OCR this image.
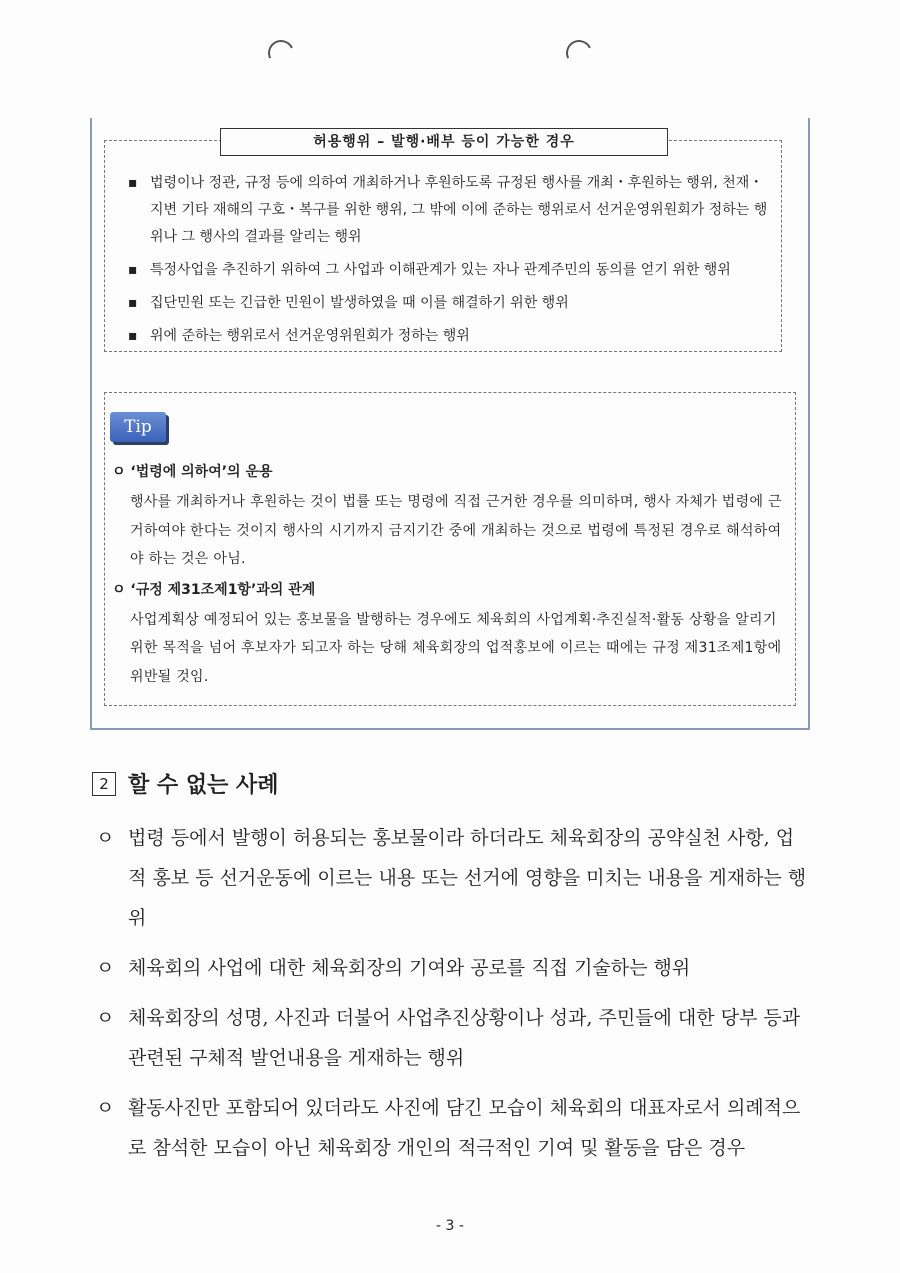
허용행위 – 발행·배부 등이 가능한 경우
▪ 법령이나 정관, 규정 등에 의하여 개최하거나 후원하도록 규정된 행사를 개최・후원하는 행위, 천재・지변 기타 재해의 구호・복구를 위한 행위, 그 밖에 이에 준하는 행위로서 선거운영위원회가 정하는 행위나 그 행사의 결과를 알리는 행위
▪ 특정사업을 추진하기 위하여 그 사업과 이해관계가 있는 자나 관계주민의 동의를 얻기 위한 행위
▪ 집단민원 또는 긴급한 민원이 발생하였을 때 이를 해결하기 위한 행위
▪ 위에 준하는 행위로서 선거운영위원회가 정하는 행위
Tip
ㅇ ‘법령에 의하여’의 운용
행사를 개최하거나 후원하는 것이 법률 또는 명령에 직접 근거한 경우를 의미하며, 행사 자체가 법령에 근거하여야 한다는 것이지 행사의 시기까지 금지기간 중에 개최하는 것으로 법령에 특정된 경우로 해석하여야 하는 것은 아님.
ㅇ ‘규정 제31조제1항’과의 관계
사업계획상 예정되어 있는 홍보물을 발행하는 경우에도 체육회의 사업계획·추진실적·활동 상황을 알리기 위한 목적을 넘어 후보자가 되고자 하는 당해 체육회장의 업적홍보에 이르는 때에는 규정 제31조제1항에 위반될 것임.
2 할 수 없는 사례
ㅇ 법령 등에서 발행이 허용되는 홍보물이라 하더라도 체육회장의 공약실천 사항, 업적 홍보 등 선거운동에 이르는 내용 또는 선거에 영향을 미치는 내용을 게재하는 행위
ㅇ 체육회의 사업에 대한 체육회장의 기여와 공로를 직접 기술하는 행위
ㅇ 체육회장의 성명, 사진과 더불어 사업추진상황이나 성과, 주민들에 대한 당부 등과 관련된 구체적 발언내용을 게재하는 행위
ㅇ 활동사진만 포함되어 있더라도 사진에 담긴 모습이 체육회의 대표자로서 의례적으로 참석한 모습이 아닌 체육회장 개인의 적극적인 기여 및 활동을 담은 경우
- 3 -
